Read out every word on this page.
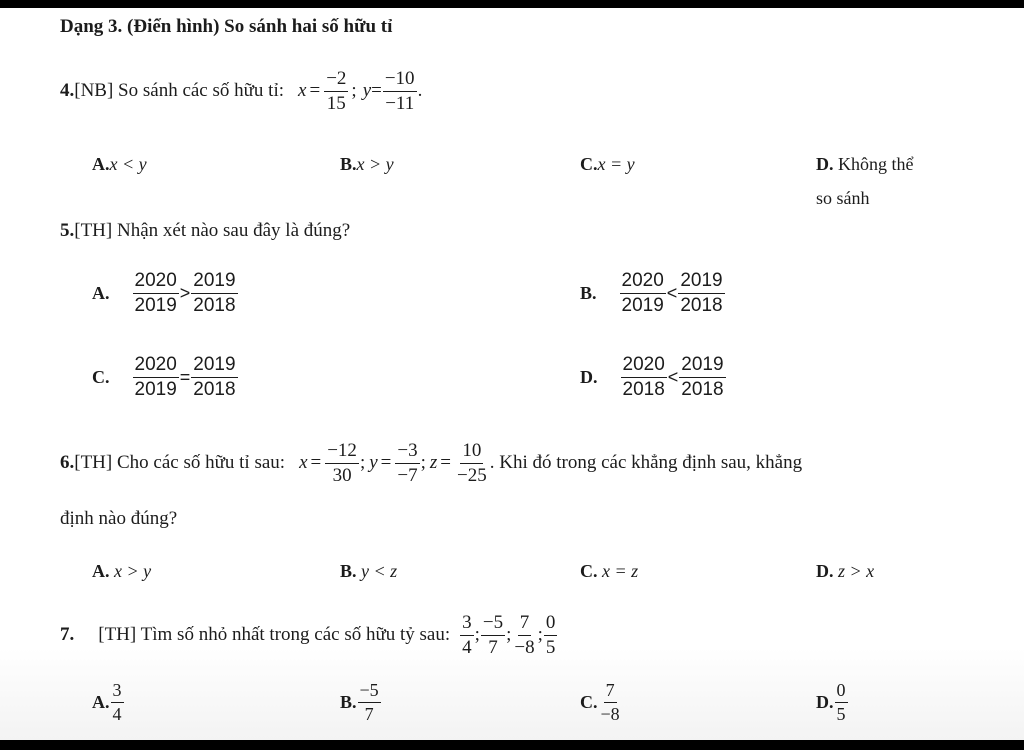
Dạng 3. (Điển hình) So sánh hai số hữu tỉ
4. [NB] So sánh các số hữu tỉ: $x = \frac{-2}{15}$ ; $y = \frac{-10}{-11}$ .
A.x < y	B.x > y	C.x = y	D. Không thể
so sánh
5.[TH] Nhận xét nào sau đây là đúng?
A. $\frac{2020}{2019} > \frac{2019}{2018}$	B. $\frac{2020}{2019} < \frac{2019}{2018}$
C. $\frac{2020}{2019} = \frac{2019}{2018}$	D. $\frac{2020}{2018} < \frac{2019}{2018}$
6. [TH] Cho các số hữu tỉ sau: $x = \frac{-12}{30}$ ; $y = \frac{-3}{-7}$ ; $z = \frac{10}{-25}$ . Khi đó trong các khẳng định sau, khẳng
định nào đúng?
A. x > y	B. y < z	C. x = z	D. z > x
7. [TH] Tìm số nhỏ nhất trong các số hữu tỷ sau: $\frac{3}{4}$ ; $\frac{-5}{7}$ ; $\frac{7}{-8}$ ; $\frac{0}{5}$
A. $\frac{3}{4}$	B. $\frac{-5}{7}$	C. $\frac{7}{-8}$	D. $\frac{0}{5}$
